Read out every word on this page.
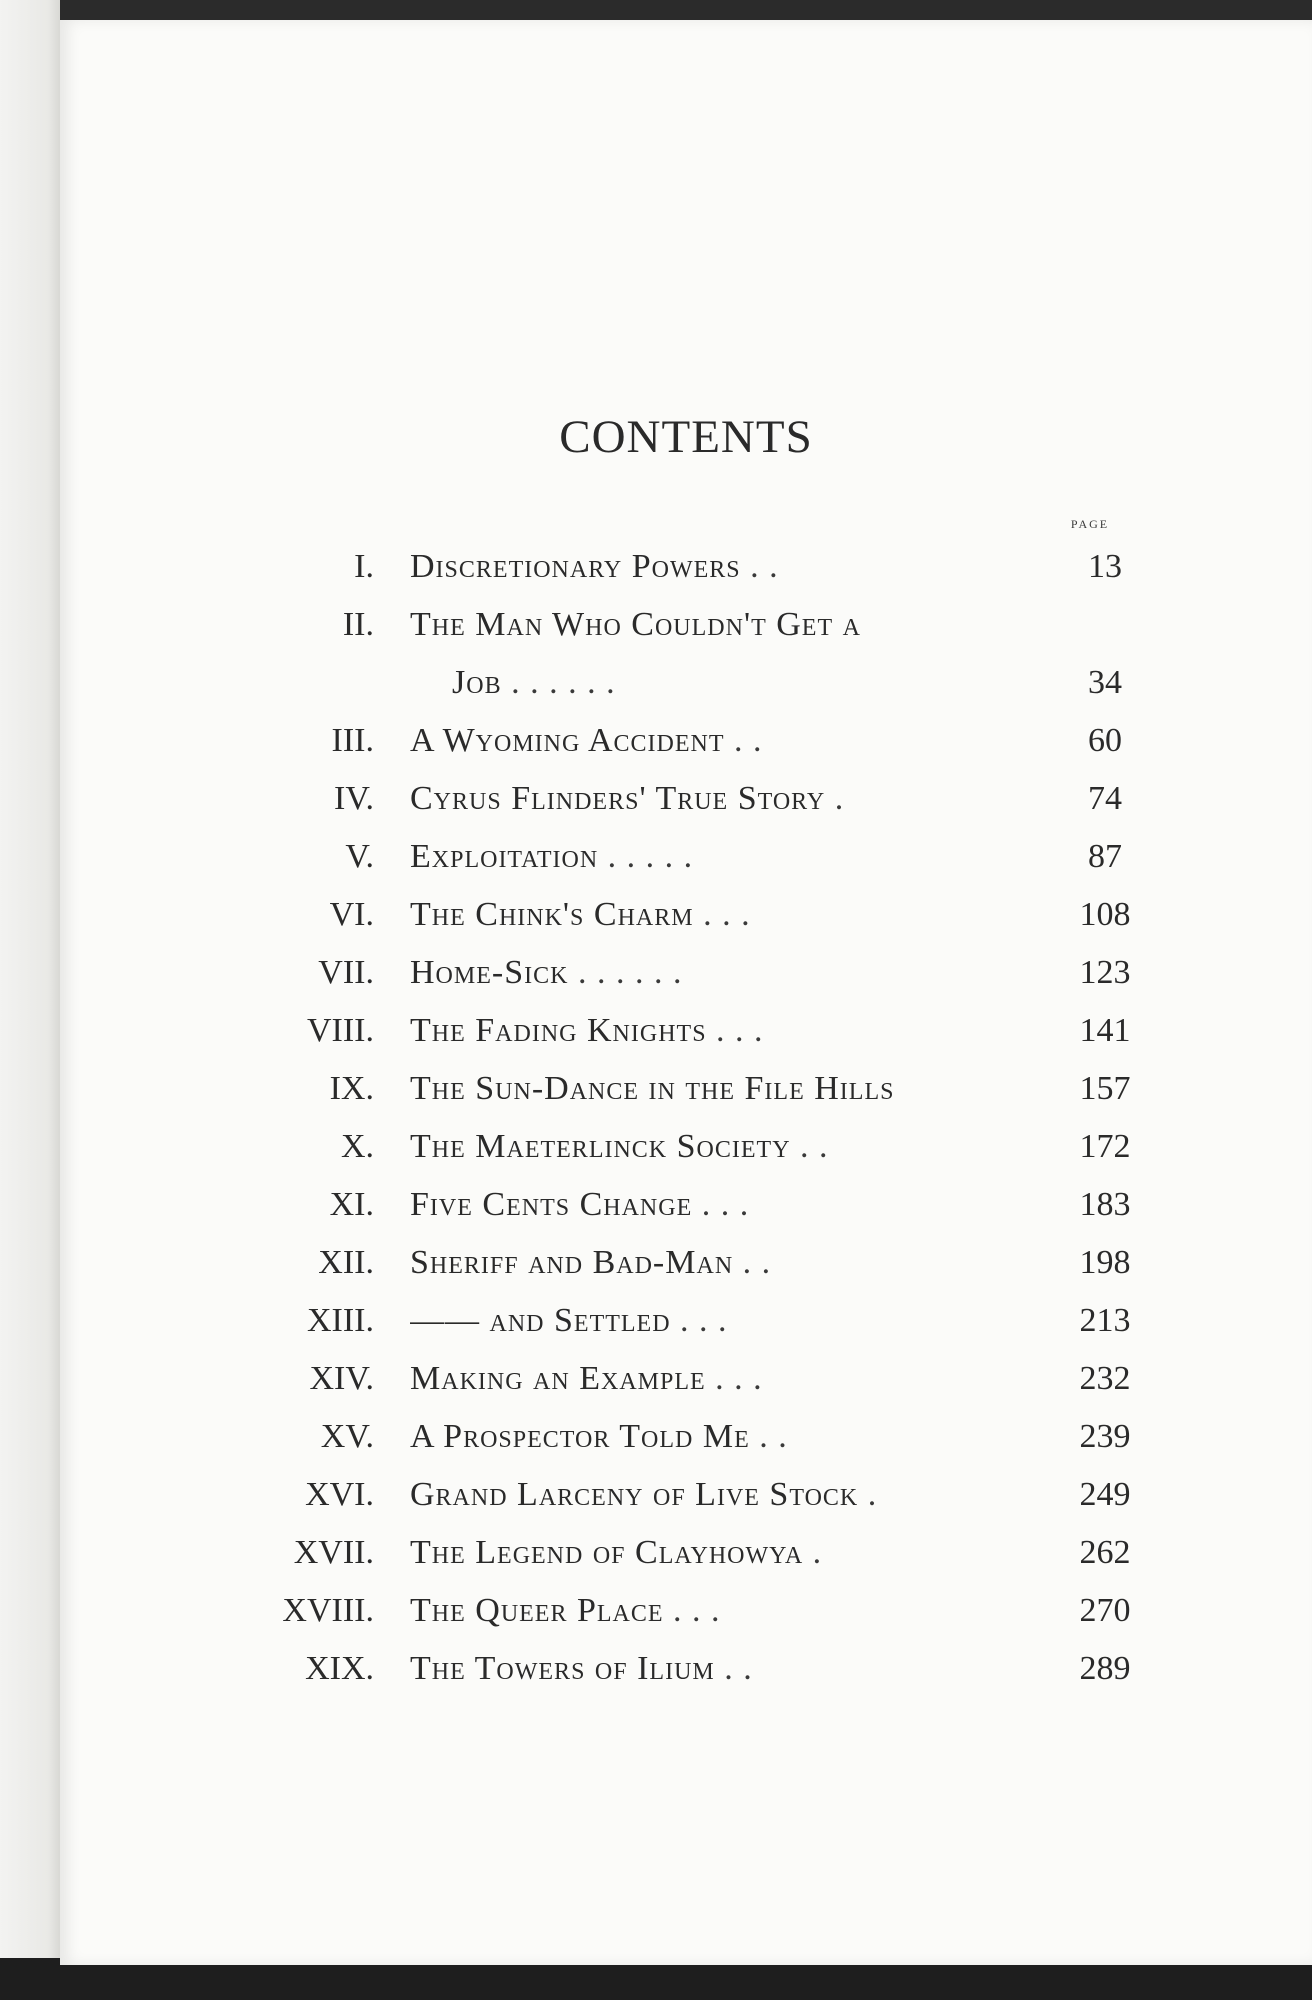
CONTENTS
PAGE
I. Discretionary Powers . .	13
II. The Man Who Couldn't Get a
Job . . . . . .	34
III. A Wyoming Accident . .	60
IV. Cyrus Flinders' True Story .	74
V. Exploitation . . . . .	87
VI. The Chink's Charm . . .	108
VII. Home-Sick . . . . . .	123
VIII. The Fading Knights . . .	141
IX. The Sun-Dance in the File Hills	157
X. The Maeterlinck Society . .	172
XI. Five Cents Change . . .	183
XII. Sheriff and Bad-Man . .	198
XIII. —— and Settled . . .	213
XIV. Making an Example . . .	232
XV. A Prospector Told Me . .	239
XVI. Grand Larceny of Live Stock .	249
XVII. The Legend of Clayhowya .	262
XVIII. The Queer Place . . .	270
XIX. The Towers of Ilium . .	289
